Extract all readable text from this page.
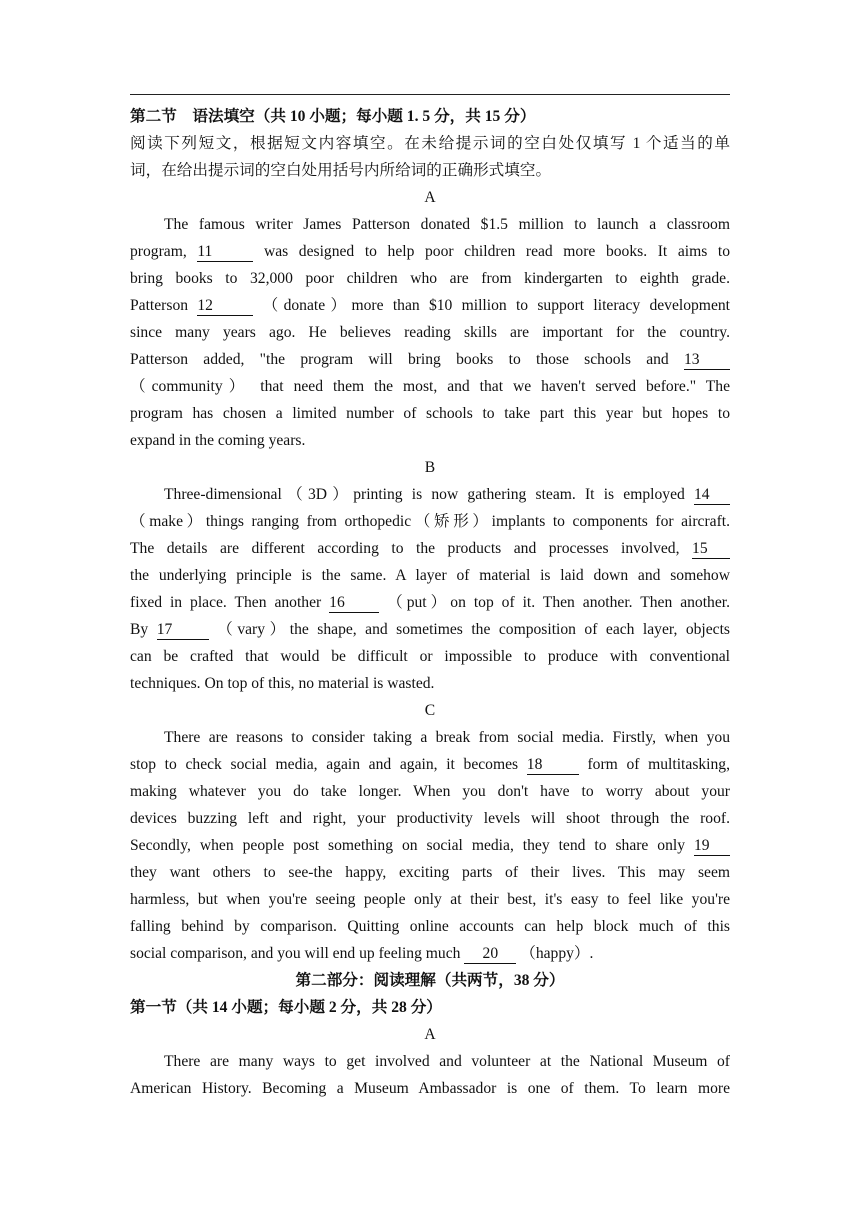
第二节　语法填空（共 10 小题；每小题 1. 5 分，共 15 分）
阅读下列短文，根据短文内容填空。在未给提示词的空白处仅填写 1 个适当的单
词，在给出提示词的空白处用括号内所给词的正确形式填空。
A
The famous writer James Patterson donated $1.5 million to launch a classroom
program, 11	was designed to help poor children read more books. It aims to
bring books to 32,000 poor children who are from kindergarten to eighth grade.
Patterson 12	（donate）more than $10 million to support literacy development
since many years ago. He believes reading skills are important for the country.
Patterson added, "the program will bring books to those schools and 13
（community） that need them the most, and that we haven't served before." The
program has chosen a limited number of schools to take part this year but hopes to
expand in the coming years.
B
Three-dimensional（3D）printing is now gathering steam. It is employed 14
（make）things ranging from orthopedic（矫形）implants to components for aircraft.
The details are different according to the products and processes involved, 15
the underlying principle is the same. A layer of material is laid down and somehow
fixed in place. Then another 16	（put）on top of it. Then another. Then another.
By 17	（vary）the shape, and sometimes the composition of each layer, objects
can be crafted that would be difficult or impossible to produce with conventional
techniques. On top of this, no material is wasted.
C
There are reasons to consider taking a break from social media. Firstly, when you
stop to check social media, again and again, it becomes 18	form of multitasking,
making whatever you do take longer. When you don't have to worry about your
devices buzzing left and right, your productivity levels will shoot through the roof.
Secondly, when people post something on social media, they tend to share only 19
they want others to see-the happy, exciting parts of their lives. This may seem
harmless, but when you're seeing people only at their best, it's easy to feel like you're
falling behind by comparison. Quitting online accounts can help block much of this
social comparison, and you will end up feeling much 20 （happy）.
第二部分：阅读理解（共两节，38 分）
第一节（共 14 小题；每小题 2 分，共 28 分）
A
There are many ways to get involved and volunteer at the National Museum of
American History. Becoming a Museum Ambassador is one of them. To learn more
